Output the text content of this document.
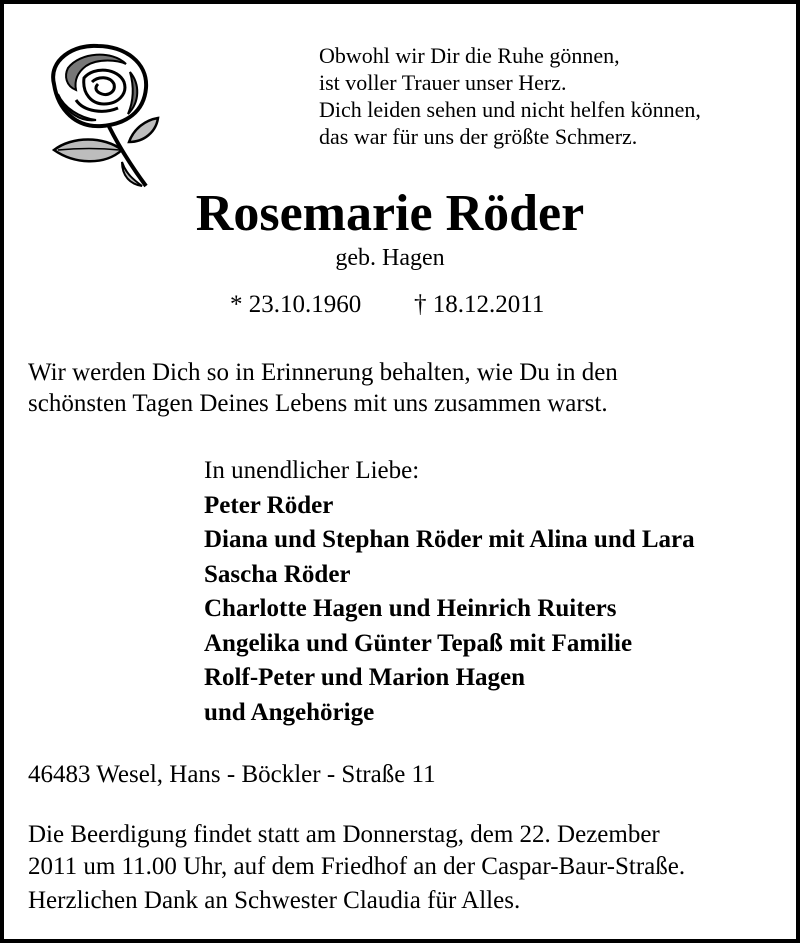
Obwohl wir Dir die Ruhe gönnen,
ist voller Trauer unser Herz.
Dich leiden sehen und nicht helfen können,
das war für uns der größte Schmerz.
Rosemarie Röder
geb. Hagen
* 23.10.1960 † 18.12.2011
Wir werden Dich so in Erinnerung behalten, wie Du in den
schönsten Tagen Deines Lebens mit uns zusammen warst.
In unendlicher Liebe:
Peter Röder
Diana und Stephan Röder mit Alina und Lara
Sascha Röder
Charlotte Hagen und Heinrich Ruiters
Angelika und Günter Tepaß mit Familie
Rolf-Peter und Marion Hagen
und Angehörige
46483 Wesel, Hans - Böckler - Straße 11
Die Beerdigung findet statt am Donnerstag, dem 22. Dezember
2011 um 11.00 Uhr, auf dem Friedhof an der Caspar-Baur-Straße.
Herzlichen Dank an Schwester Claudia für Alles.
